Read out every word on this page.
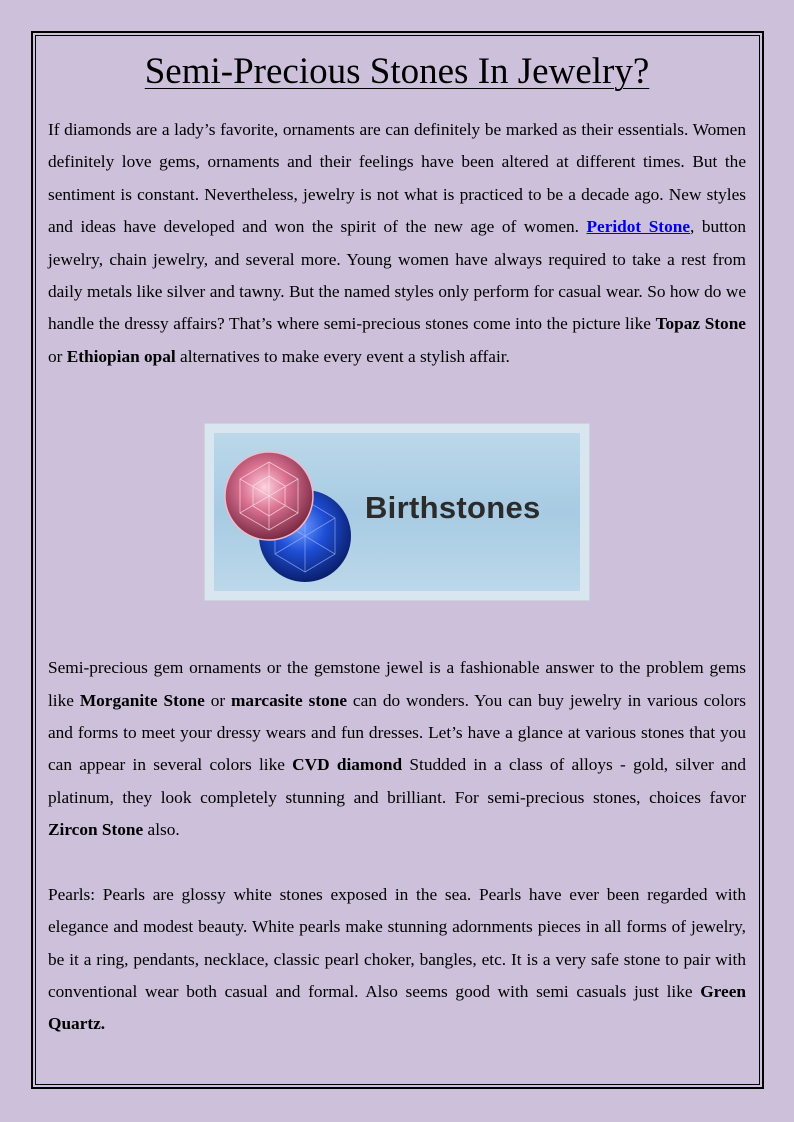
Semi-Precious Stones In Jewelry?

If diamonds are a lady’s favorite, ornaments are can definitely be marked as their essentials. Women definitely love gems, ornaments and their feelings have been altered at different times. But the sentiment is constant. Nevertheless, jewelry is not what is practiced to be a decade ago. New styles and ideas have developed and won the spirit of the new age of women. Peridot Stone, button jewelry, chain jewelry, and several more. Young women have always required to take a rest from daily metals like silver and tawny. But the named styles only perform for casual wear. So how do we handle the dressy affairs? That’s where semi-precious stones come into the picture like Topaz Stone or Ethiopian opal alternatives to make every event a stylish affair.

Birthstones

Semi-precious gem ornaments or the gemstone jewel is a fashionable answer to the problem gems like Morganite Stone or marcasite stone can do wonders. You can buy jewelry in various colors and forms to meet your dressy wears and fun dresses. Let’s have a glance at various stones that you can appear in several colors like CVD diamond Studded in a class of alloys - gold, silver and platinum, they look completely stunning and brilliant. For semi-precious stones, choices favor Zircon Stone also.

Pearls: Pearls are glossy white stones exposed in the sea. Pearls have ever been regarded with elegance and modest beauty. White pearls make stunning adornments pieces in all forms of jewelry, be it a ring, pendants, necklace, classic pearl choker, bangles, etc. It is a very safe stone to pair with conventional wear both casual and formal. Also seems good with semi casuals just like Green Quartz.
